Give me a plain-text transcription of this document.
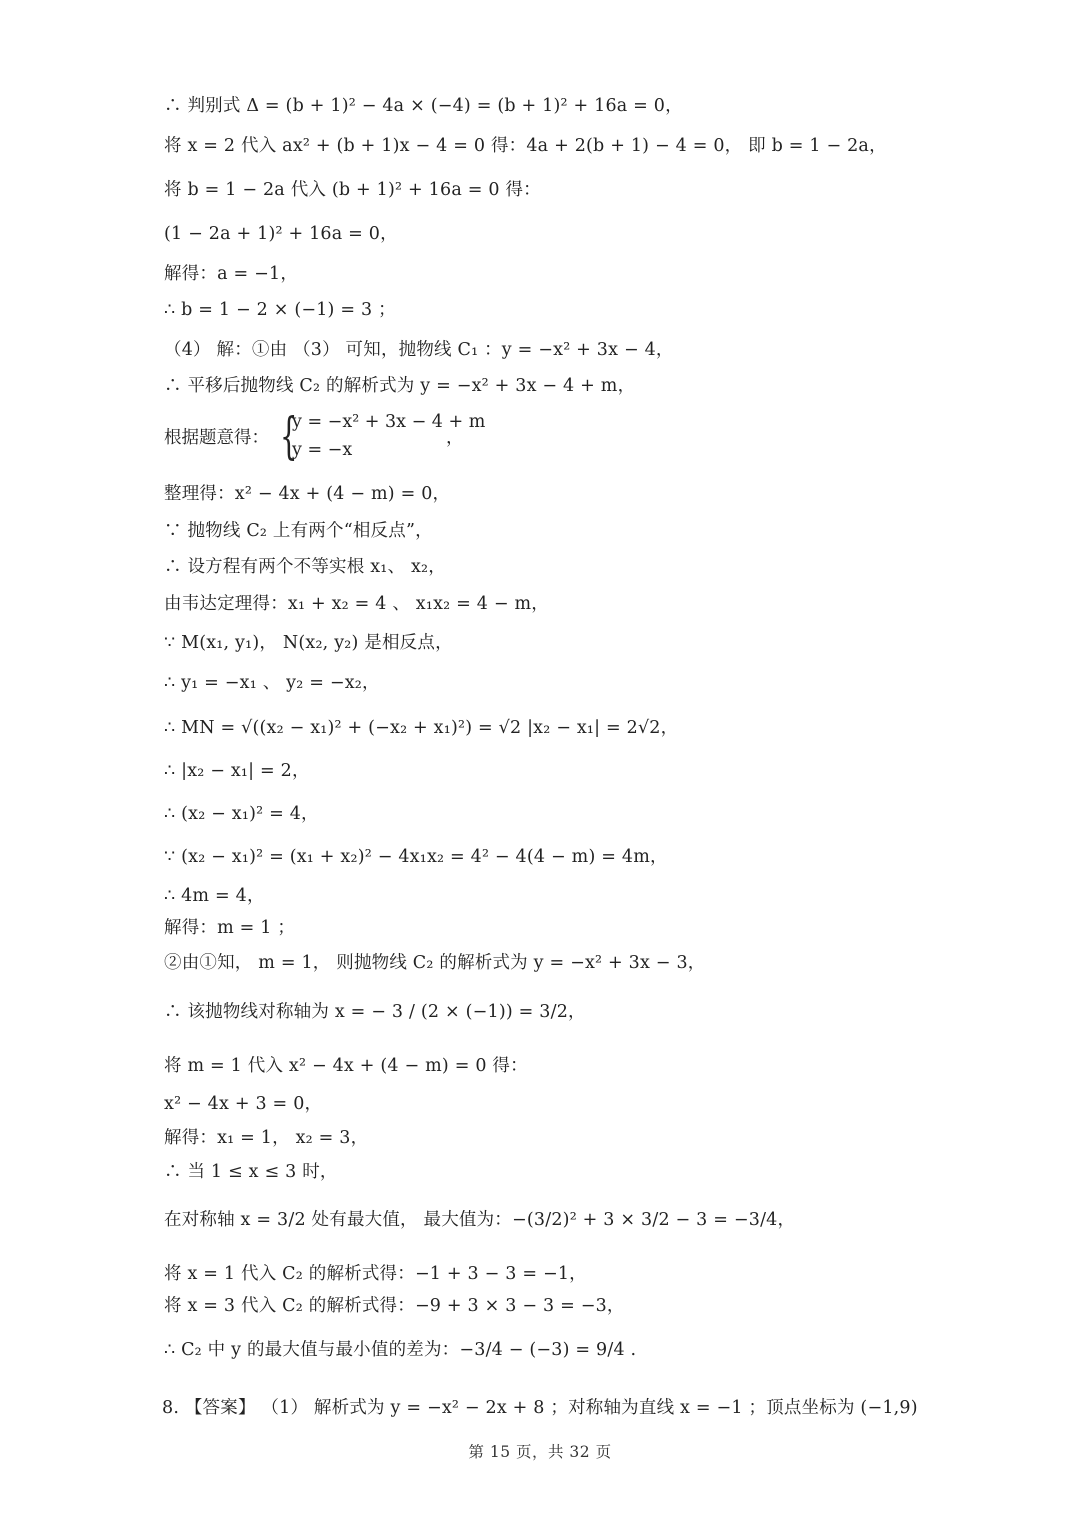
∴ 判别式 Δ = (b + 1)² − 4a × (−4) = (b + 1)² + 16a = 0，
将 x = 2 代入 ax² + (b + 1)x − 4 = 0 得：4a + 2(b + 1) − 4 = 0， 即 b = 1 − 2a，
将 b = 1 − 2a 代入 (b + 1)² + 16a = 0 得：
(1 − 2a + 1)² + 16a = 0，
解得：a = −1，
∴ b = 1 − 2 × (−1) = 3 ；
（4） 解：①由 （3） 可知，抛物线 C₁ ：y = −x² + 3x − 4，
∴ 平移后抛物线 C₂ 的解析式为 y = −x² + 3x − 4 + m，
根据题意得： {
y = −x² + 3x − 4 + m
y = −x
，
整理得：x² − 4x + (4 − m) = 0，
∵ 抛物线 C₂ 上有两个“相反点”，
∴ 设方程有两个不等实根 x₁、 x₂，
由韦达定理得：x₁ + x₂ = 4 、 x₁x₂ = 4 − m，
∵ M(x₁, y₁)， N(x₂, y₂) 是相反点，
∴ y₁ = −x₁ 、 y₂ = −x₂，
∴ MN = √((x₂ − x₁)² + (−x₂ + x₁)²) = √2 |x₂ − x₁| = 2√2，
∴ |x₂ − x₁| = 2，
∴ (x₂ − x₁)² = 4，
∵ (x₂ − x₁)² = (x₁ + x₂)² − 4x₁x₂ = 4² − 4(4 − m) = 4m，
∴ 4m = 4，
解得：m = 1 ；
②由①知， m = 1， 则抛物线 C₂ 的解析式为 y = −x² + 3x − 3，
∴ 该抛物线对称轴为 x = − 3 / (2 × (−1)) = 3/2，
将 m = 1 代入 x² − 4x + (4 − m) = 0 得：
x² − 4x + 3 = 0，
解得：x₁ = 1， x₂ = 3，
∴ 当 1 ≤ x ≤ 3 时，
在对称轴 x = 3/2 处有最大值， 最大值为：−(3/2)² + 3 × 3/2 − 3 = −3/4，
将 x = 1 代入 C₂ 的解析式得：−1 + 3 − 3 = −1，
将 x = 3 代入 C₂ 的解析式得：−9 + 3 × 3 − 3 = −3，
∴ C₂ 中 y 的最大值与最小值的差为：−3/4 − (−3) = 9/4 .
8. 【答案】 （1） 解析式为 y = −x² − 2x + 8 ；对称轴为直线 x = −1 ；顶点坐标为 (−1,9)
第 15 页，共 32 页
